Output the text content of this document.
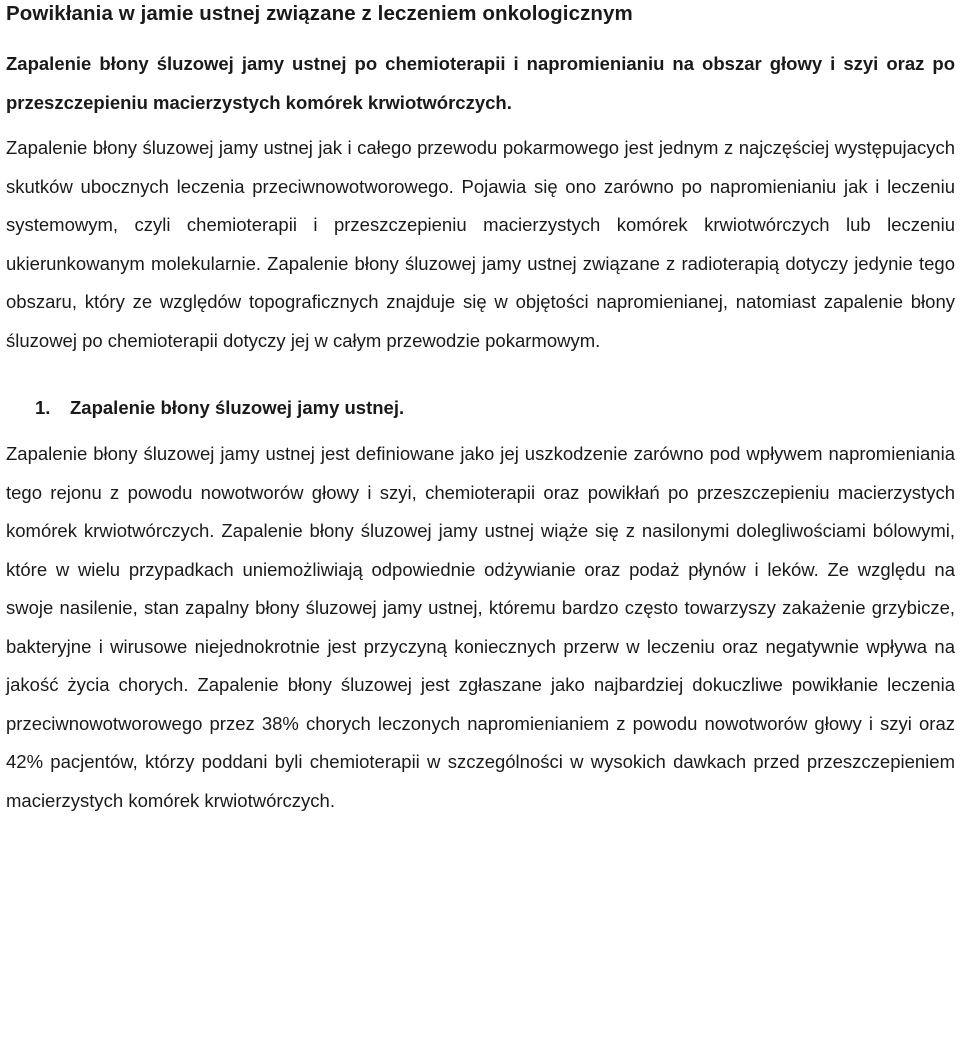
Powikłania w jamie ustnej związane z leczeniem onkologicznym

Zapalenie błony śluzowej jamy ustnej po chemioterapii i napromienianiu na obszar głowy i szyi oraz po przeszczepieniu macierzystych komórek krwiotwórczych.

Zapalenie błony śluzowej jamy ustnej jak i całego przewodu pokarmowego jest jednym z najczęściej występujacych skutków ubocznych leczenia przeciwnowotworowego. Pojawia się ono zarówno po napromienianiu jak i leczeniu systemowym, czyli chemioterapii i przeszczepieniu macierzystych komórek krwiotwórczych lub leczeniu ukierunkowanym molekularnie. Zapalenie błony śluzowej jamy ustnej związane z radioterapią dotyczy jedynie tego obszaru, który ze względów topograficznych znajduje się w objętości napromienianej, natomiast zapalenie błony śluzowej po chemioterapii dotyczy jej w całym przewodzie pokarmowym.

1. Zapalenie błony śluzowej jamy ustnej.

Zapalenie błony śluzowej jamy ustnej jest definiowane jako jej uszkodzenie zarówno pod wpływem napromieniania tego rejonu z powodu nowotworów głowy i szyi, chemioterapii oraz powikłań po przeszczepieniu macierzystych komórek krwiotwórczych. Zapalenie błony śluzowej jamy ustnej wiąże się z nasilonymi dolegliwościami bólowymi, które w wielu przypadkach uniemożliwiają odpowiednie odżywianie oraz podaż płynów i leków. Ze względu na swoje nasilenie, stan zapalny błony śluzowej jamy ustnej, któremu bardzo często towarzyszy zakażenie grzybicze, bakteryjne i wirusowe niejednokrotnie jest przyczyną koniecznych przerw w leczeniu oraz negatywnie wpływa na jakość życia chorych. Zapalenie błony śluzowej jest zgłaszane jako najbardziej dokuczliwe powikłanie leczenia przeciwnowotworowego przez 38% chorych leczonych napromienianiem z powodu nowotworów głowy i szyi oraz 42% pacjentów, którzy poddani byli chemioterapii w szczególności w wysokich dawkach przed przeszczepieniem macierzystych komórek krwiotwórczych.
